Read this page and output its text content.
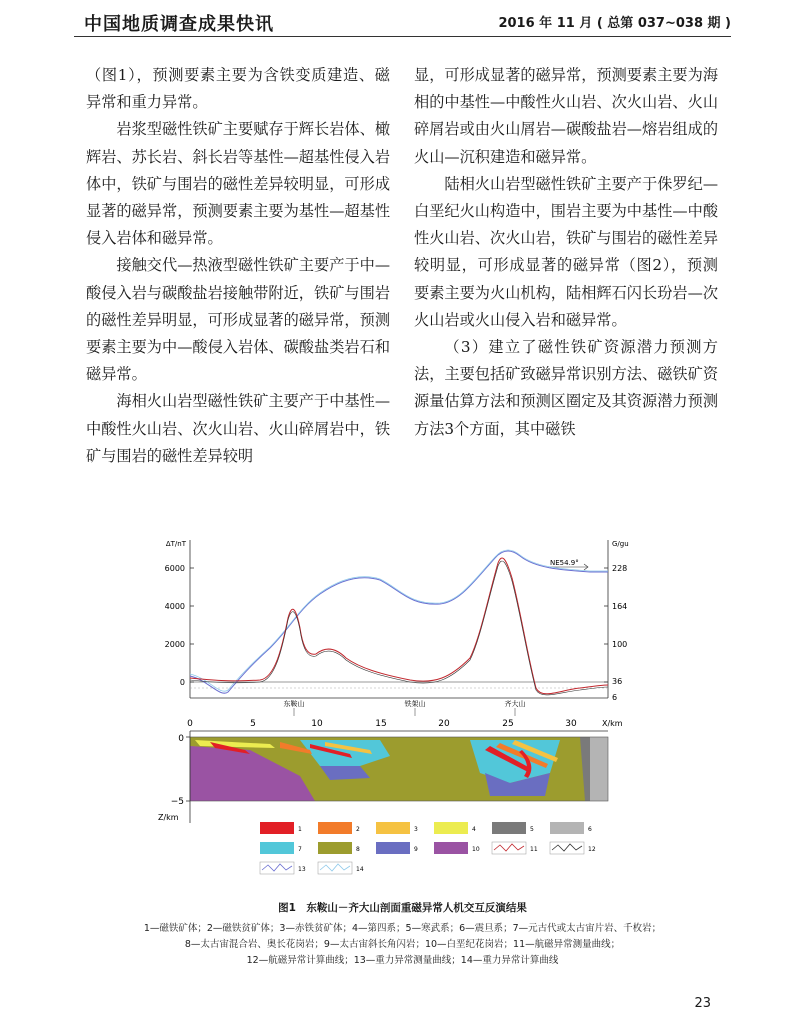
中国地质调查成果快讯	2016 年 11 月 ( 总第 037~038 期 )

（图1），预测要素主要为含铁变质建造、磁异常和重力异常。

岩浆型磁性铁矿主要赋存于辉长岩体、橄辉岩、苏长岩、斜长岩等基性—超基性侵入岩体中，铁矿与围岩的磁性差异较明显，可形成显著的磁异常，预测要素主要为基性—超基性侵入岩体和磁异常。

接触交代—热液型磁性铁矿主要产于中—酸侵入岩与碳酸盐岩接触带附近，铁矿与围岩的磁性差异明显，可形成显著的磁异常，预测要素主要为中—酸侵入岩体、碳酸盐类岩石和磁异常。

海相火山岩型磁性铁矿主要产于中基性—中酸性火山岩、次火山岩、火山碎屑岩中，铁矿与围岩的磁性差异较明

显，可形成显著的磁异常，预测要素主要为海相的中基性—中酸性火山岩、次火山岩、火山碎屑岩或由火山屑岩—碳酸盐岩—熔岩组成的火山—沉积建造和磁异常。

陆相火山岩型磁性铁矿主要产于侏罗纪—白垩纪火山构造中，围岩主要为中基性—中酸性火山岩、次火山岩，铁矿与围岩的磁性差异较明显，可形成显著的磁异常（图2），预测要素主要为火山机构，陆相辉石闪长玢岩—次火山岩或火山侵入岩和磁异常。

（3）建立了磁性铁矿资源潜力预测方法，主要包括矿致磁异常识别方法、磁铁矿资源量估算方法和预测区圈定及其资源潜力预测方法3个方面，其中磁铁

ΔT/nT
6000
4000
2000
0
G/gu
228
164
100
36
6
NE54.9°
东鞍山	铁架山	齐大山
0	5	10	15	20	25	30	X/km
0
−5
Z/km
1	2	3	4	5	6
7	8	9	10	11	12
13	14
图1　东鞍山－齐大山剖面重磁异常人机交互反演结果
1—磁铁矿体；2—磁铁贫矿体；3—赤铁贫矿体；4—第四系；5—寒武系；6—震旦系；7—元古代或太古宙片岩、千枚岩；
8—太古宙混合岩、奥长花岗岩；9—太古宙斜长角闪岩；10—白垩纪花岗岩；11—航磁异常测量曲线；
12—航磁异常计算曲线；13—重力异常测量曲线；14—重力异常计算曲线
23
